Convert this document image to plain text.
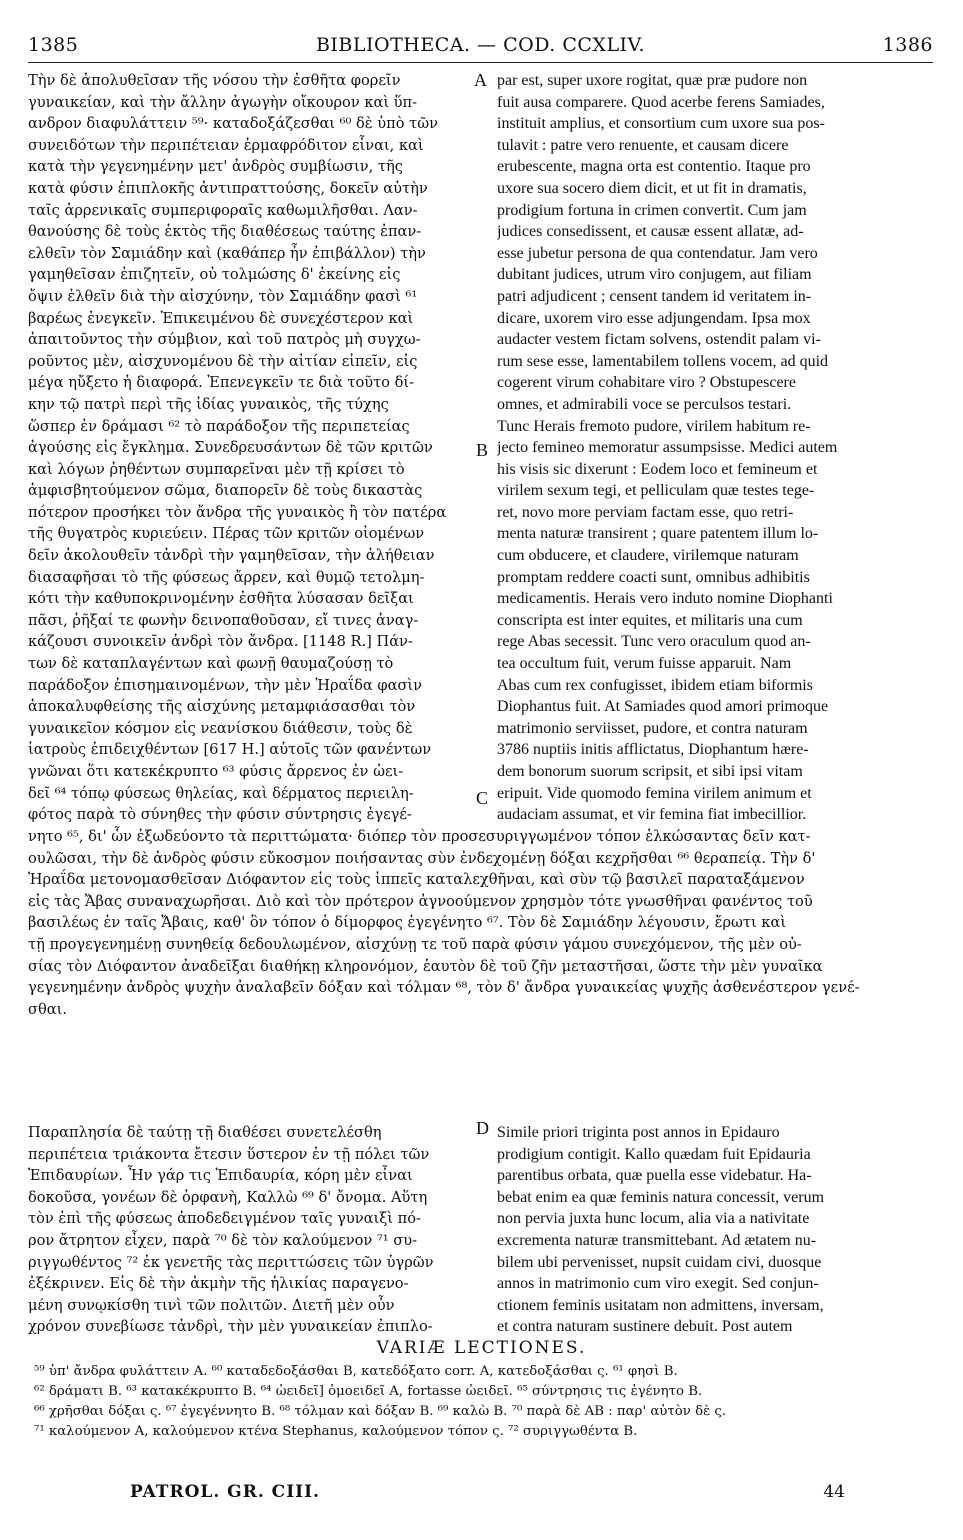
1385	BIBLIOTHECA. — COD. CCXLIV.	1386
Τὴν δὲ ἀπολυθεῖσαν τῆς νόσου τὴν ἐσθῆτα φορεῖν
γυναικείαν, καὶ τὴν ἄλλην ἀγωγὴν οἴκουρον καὶ ὕπ-
ανδρον διαφυλάττειν ⁵⁹· καταδοξάζεσθαι ⁶⁰ δὲ ὑπὸ τῶν
συνειδότων τὴν περιπέτειαν ἑρμαφρόδιτον εἶναι, καὶ
κατὰ τὴν γεγενημένην μετ' ἀνδρὸς συμβίωσιν, τῆς
κατὰ φύσιν ἐπιπλοκῆς ἀντιπραττούσης, δοκεῖν αὐτὴν
ταῖς ἀρρενικαῖς συμπεριφοραῖς καθωμιλῆσθαι. Λαν-
θανούσης δὲ τοὺς ἐκτὸς τῆς διαθέσεως ταύτης ἐπαν-
ελθεῖν τὸν Σαμιάδην καὶ (καθάπερ ἦν ἐπιβάλλον) τὴν
γαμηθεῖσαν ἐπιζητεῖν, οὐ τολμώσης δ' ἐκείνης εἰς
ὄψιν ἐλθεῖν διὰ τὴν αἰσχύνην, τὸν Σαμιάδην φασὶ ⁶¹
βαρέως ἐνεγκεῖν. Ἐπικειμένου δὲ συνεχέστερον καὶ
ἀπαιτοῦντος τὴν σύμβιον, καὶ τοῦ πατρὸς μὴ συγχω-
ροῦντος μὲν, αἰσχυνομένου δὲ τὴν αἰτίαν εἰπεῖν, εἰς
μέγα ηὔξετο ἡ διαφορά. Ἐπενεγκεῖν τε διὰ τοῦτο δί-
κην τῷ πατρὶ περὶ τῆς ἰδίας γυναικὸς, τῆς τύχης
ὥσπερ ἐν δράμασι ⁶² τὸ παράδοξον τῆς περιπετείας
ἀγούσης εἰς ἔγκλημα. Συνεδρευσάντων δὲ τῶν κριτῶν
καὶ λόγων ῥηθέντων συμπαρεῖναι μὲν τῇ κρίσει τὸ
ἀμφισβητούμενον σῶμα, διαπορεῖν δὲ τοὺς δικαστὰς
πότερον προσήκει τὸν ἄνδρα τῆς γυναικὸς ἢ τὸν πατέρα
τῆς θυγατρὸς κυριεύειν. Πέρας τῶν κριτῶν οἰομένων
δεῖν ἀκολουθεῖν τἀνδρὶ τὴν γαμηθεῖσαν, τὴν ἀλήθειαν
διασαφῆσαι τὸ τῆς φύσεως ἄρρεν, καὶ θυμῷ τετολμη-
κότι τὴν καθυποκρινομένην ἐσθῆτα λύσασαν δεῖξαι
πᾶσι, ῥῆξαί τε φωνὴν δεινοπαθοῦσαν, εἴ τινες ἀναγ-
κάζουσι συνοικεῖν ἀνδρὶ τὸν ἄνδρα. [1148 R.] Πάν-
των δὲ καταπλαγέντων καὶ φωνῇ θαυμαζούσῃ τὸ
παράδοξον ἐπισημαινομένων, τὴν μὲν Ἡραΐδα φασὶν
ἀποκαλυφθείσης τῆς αἰσχύνης μεταμφιάσασθαι τὸν
γυναικεῖον κόσμον εἰς νεανίσκου διάθεσιν, τοὺς δὲ
ἰατροὺς ἐπιδειχθέντων [617 H.] αὐτοῖς τῶν φανέντων
γνῶναι ὅτι κατεκέκρυπτο ⁶³ φύσις ἄρρενος ἐν ὠει-
δεῖ ⁶⁴ τόπῳ φύσεως θηλείας, καὶ δέρματος περιειλη-
φότος παρὰ τὸ σύνηθες τὴν φύσιν σύντρησις ἐγεγέ-
par est, super uxore rogitat, quæ præ pudore non
fuit ausa comparere. Quod acerbe ferens Samiades,
instituit amplius, et consortium cum uxore sua pos-
tulavit : patre vero renuente, et causam dicere
erubescente, magna orta est contentio. Itaque pro
uxore sua socero diem dicit, et ut fit in dramatis,
prodigium fortuna in crimen convertit. Cum jam
judices consedissent, et causæ essent allatæ, ad-
esse jubetur persona de qua contendatur. Jam vero
dubitant judices, utrum viro conjugem, aut filiam
patri adjudicent ; censent tandem id veritatem in-
dicare, uxorem viro esse adjungendam. Ipsa mox
audacter vestem fictam solvens, ostendit palam vi-
rum sese esse, lamentabilem tollens vocem, ad quid
cogerent virum cohabitare viro ? Obstupescere
omnes, et admirabili voce se perculsos testari.
Tunc Herais fremoto pudore, virilem habitum re-
jecto femineo memoratur assumpsisse. Medici autem
his visis sic dixerunt : Eodem loco et femineum et
virilem sexum tegi, et pelliculam quæ testes tege-
ret, novo more perviam factam esse, quo retri-
menta naturæ transirent ; quare patentem illum lo-
cum obducere, et claudere, virilemque naturam
promptam reddere coacti sunt, omnibus adhibitis
medicamentis. Herais vero induto nomine Diophanti
conscripta est inter equites, et militaris una cum
rege Abas secessit. Tunc vero oraculum quod an-
tea occultum fuit, verum fuisse apparuit. Nam
Abas cum rex confugisset, ibidem etiam biformis
Diophantus fuit. At Samiades quod amori primoque
matrimonio serviisset, pudore, et contra naturam
3786 nuptiis initis afflictatus, Diophantum hære-
dem bonorum suorum scripsit, et sibi ipsi vitam
eripuit. Vide quomodo femina virilem animum et
audaciam assumat, et vir femina fiat imbecillior.
A
B
C
D
νητο ⁶⁵, δι' ὧν ἐξωδεύοντο τὰ περιττώματα· διόπερ τὸν προσεσυριγγωμένον τόπον ἑλκώσαντας δεῖν κατ-
ουλῶσαι, τὴν δὲ ἀνδρὸς φύσιν εὔκοσμον ποιήσαντας σὺν ἐνδεχομένῃ δόξαι κεχρῆσθαι ⁶⁶ θεραπείᾳ. Τὴν δ'
Ἡραΐδα μετονομασθεῖσαν Διόφαντον εἰς τοὺς ἱππεῖς καταλεχθῆναι, καὶ σὺν τῷ βασιλεῖ παραταξάμενον
εἰς τὰς Ἄβας συναναχωρῆσαι. Διὸ καὶ τὸν πρότερον ἀγνοούμενον χρησμὸν τότε γνωσθῆναι φανέντος τοῦ
βασιλέως ἐν ταῖς Ἄβαις, καθ' ὃν τόπον ὁ δίμορφος ἐγεγένητο ⁶⁷. Τὸν δὲ Σαμιάδην λέγουσιν, ἔρωτι καὶ
τῇ προγεγενημένῃ συνηθείᾳ δεδουλωμένον, αἰσχύνῃ τε τοῦ παρὰ φύσιν γάμου συνεχόμενον, τῆς μὲν οὐ-
σίας τὸν Διόφαντον ἀναδεῖξαι διαθήκῃ κληρονόμον, ἑαυτὸν δὲ τοῦ ζῆν μεταστῆσαι, ὥστε τὴν μὲν γυναῖκα
γεγενημένην ἀνδρὸς ψυχὴν ἀναλαβεῖν δόξαν καὶ τόλμαν ⁶⁸, τὸν δ' ἄνδρα γυναικείας ψυχῆς ἀσθενέστερον γενέ-
σθαι.
Παραπλησία δὲ ταύτῃ τῇ διαθέσει συνετελέσθη
περιπέτεια τριάκοντα ἔτεσιν ὕστερον ἐν τῇ πόλει τῶν
Ἐπιδαυρίων. Ἦν γάρ τις Ἐπιδαυρία, κόρη μὲν εἶναι
δοκοῦσα, γονέων δὲ ὀρφανὴ, Καλλὼ ⁶⁹ δ' ὄνομα. Αὕτη
τὸν ἐπὶ τῆς φύσεως ἀποδεδειγμένον ταῖς γυναιξὶ πό-
ρον ἄτρητον εἶχεν, παρὰ ⁷⁰ δὲ τὸν καλούμενον ⁷¹ συ-
ριγγωθέντος ⁷² ἐκ γενετῆς τὰς περιττώσεις τῶν ὑγρῶν
ἐξέκρινεν. Εἰς δὲ τὴν ἀκμὴν τῆς ἡλικίας παραγενο-
μένη συνῳκίσθη τινὶ τῶν πολιτῶν. Διετῆ μὲν οὖν
χρόνον συνεβίωσε τἀνδρὶ, τὴν μὲν γυναικείαν ἐπιπλο-
Simile priori triginta post annos in Epidauro
prodigium contigit. Kallo quædam fuit Epidauria
parentibus orbata, quæ puella esse videbatur. Ha-
bebat enim ea quæ feminis natura concessit, verum
non pervia juxta hunc locum, alia via a nativitate
excrementa naturæ transmittebant. Ad ætatem nu-
bilem ubi pervenisset, nupsit cuidam civi, duosque
annos in matrimonio cum viro exegit. Sed conjun-
ctionem feminis usitatam non admittens, inversam,
et contra naturam sustinere debuit. Post autem
VARIÆ LECTIONES.
⁵⁹ ὑπ' ἄνδρα φυλάττειν A. ⁶⁰ καταδεδοξάσθαι B, κατεδόξατο corr. A, κατεδοξάσθαι ς. ⁶¹ φησὶ B.
⁶² δράματι B. ⁶³ κατακέκρυπτο B. ⁶⁴ ὠειδεῖ] ὁμοειδεῖ A, fortasse ὠειδεῖ. ⁶⁵ σύντρησις τις ἐγένητο B.
⁶⁶ χρῆσθαι δόξαι ς. ⁶⁷ ἐγεγέννητο B. ⁶⁸ τόλμαν καὶ δόξαν B. ⁶⁹ καλὼ B. ⁷⁰ παρὰ δὲ AB : παρ' αὐτὸν δὲ ς.
⁷¹ καλούμενον A, καλούμενον κτένα Stephanus, καλούμενον τόπον ς. ⁷² συριγγωθέντα B.
PATROL. GR. CIII.	44
